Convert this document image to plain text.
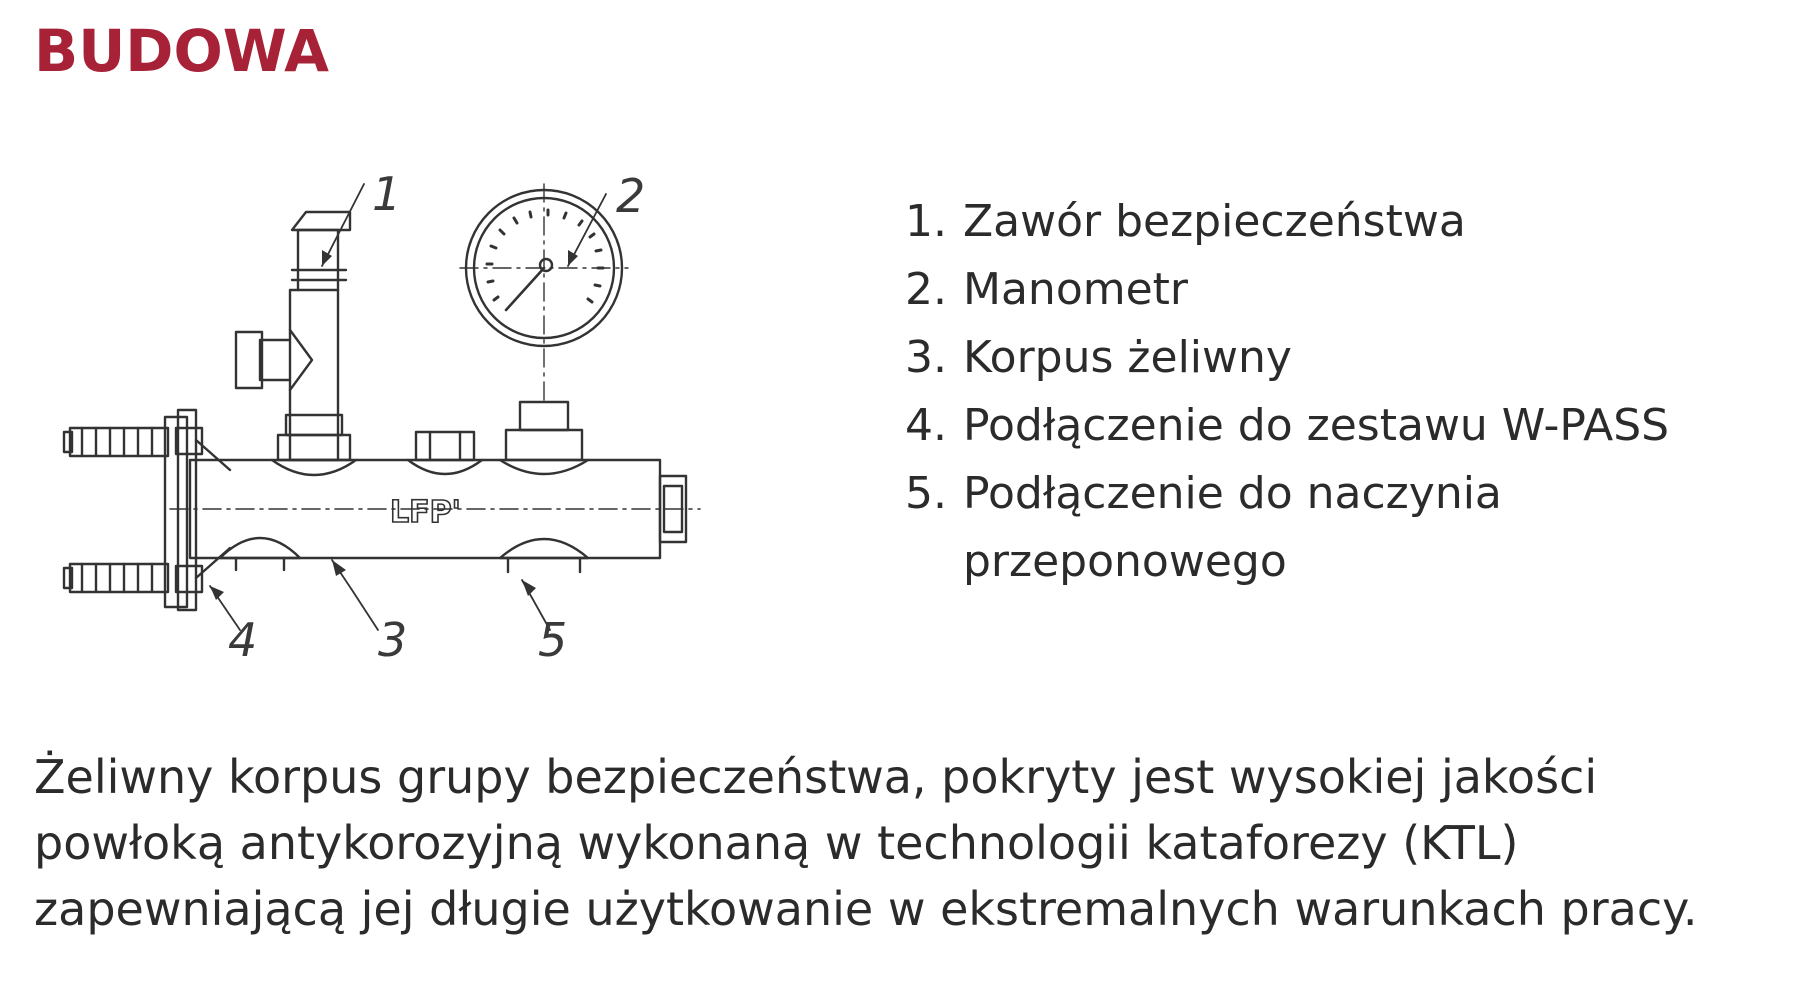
BUDOWA
LFP'
1	2
3
4	5
1. Zawór bezpieczeństwa
2. Manometr
3. Korpus żeliwny
4. Podłączenie do zestawu W-PASS
5. Podłączenie do naczynia przeponowego

Żeliwny korpus grupy bezpieczeństwa, pokryty jest wysokiej jakości powłoką antykorozyjną wykonaną w technologii kataforezy (KTL) zapewniającą jej długie użytkowanie w ekstremalnych warunkach pracy.
